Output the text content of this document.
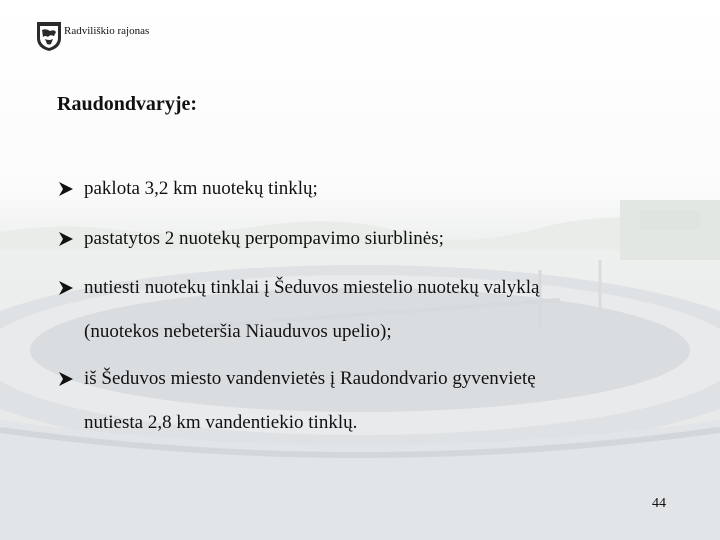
Radviliškio rajonas
Raudondvaryje:
paklota 3,2 km nuotekų tinklų;
pastatytos 2 nuotekų perpompavimo siurblinės;
nutiesti nuotekų tinklai į Šeduvos miestelio nuotekų valyklą
(nuotekos nebeteršia Niauduvos upelio);
iš Šeduvos miesto vandenvietės į Raudondvario gyvenvietę
nutiesta 2,8 km vandentiekio tinklų.
44
